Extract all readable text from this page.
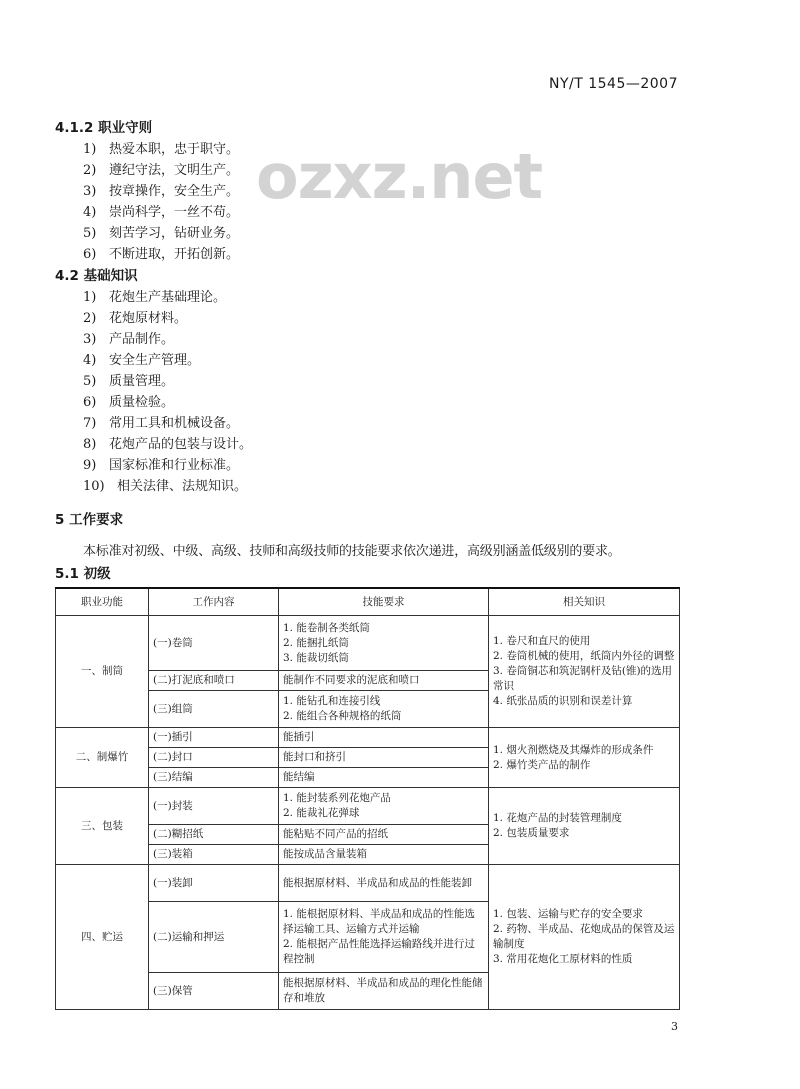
NY/T 1545—2007
ozxz.net
4.1.2 职业守则
1) 热爱本职，忠于职守。
2) 遵纪守法，文明生产。
3) 按章操作，安全生产。
4) 崇尚科学，一丝不苟。
5) 刻苦学习，钻研业务。
6) 不断进取，开拓创新。
4.2 基础知识
1) 花炮生产基础理论。
2) 花炮原材料。
3) 产品制作。
4) 安全生产管理。
5) 质量管理。
6) 质量检验。
7) 常用工具和机械设备。
8) 花炮产品的包装与设计。
9) 国家标准和行业标准。
10) 相关法律、法规知识。
5 工作要求
本标准对初级、中级、高级、技师和高级技师的技能要求依次递进，高级别涵盖低级别的要求。
5.1 初级
职业功能	工作内容	技能要求	相关知识
一、制筒	(一)卷筒	1. 能卷制各类纸筒
2. 能捆扎纸筒
3. 能裁切纸筒	1. 卷尺和直尺的使用
2. 卷筒机械的使用，纸筒内外径的调整
3. 卷筒铜芯和筑泥钢杆及钻(锥)的选用常识
4. 纸张品质的识别和误差计算

	(二)打泥底和喷口	能制作不同要求的泥底和喷口	

	(三)组筒	1. 能钻孔和连接引线
2. 能组合各种规格的纸筒	

二、制爆竹	(一)插引	能插引	1. 烟火剂燃烧及其爆炸的形成条件
2. 爆竹类产品的制作

	(二)封口	能封口和挤引	

	(三)结编	能结编	

三、包装	(一)封装	1. 能封装系列花炮产品
2. 能裁礼花弹球	1. 花炮产品的封装管理制度
2. 包装质量要求

	(二)糊招纸	能粘贴不同产品的招纸	

	(三)装箱	能按成品含量装箱	

四、贮运	(一)装卸	能根据原材料、半成品和成品的性能装卸	1. 包装、运输与贮存的安全要求
2. 药物、半成品、花炮成品的保管及运输制度
3. 常用花炮化工原材料的性质

	(二)运输和押运	1. 能根据原材料、半成品和成品的性能选择运输工具、运输方式并运输
2. 能根据产品性能选择运输路线并进行过程控制	

	(三)保管	能根据原材料、半成品和成品的理化性能储存和堆放	
3
